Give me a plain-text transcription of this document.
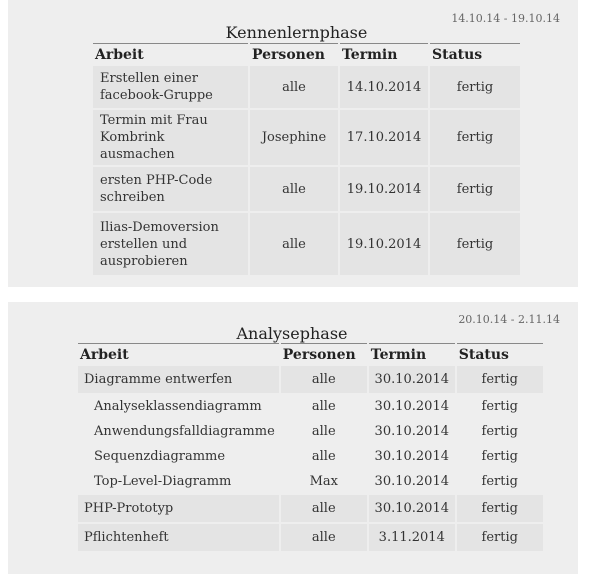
14.10.14 - 19.10.14
Kennenlernphase
Arbeit	Personen	Termin	Status
Erstellen einer facebook-Gruppe	alle	14.10.2014	fertig
Termin mit Frau Kombrink ausmachen	Josephine	17.10.2014	fertig
ersten PHP-Code schreiben	alle	19.10.2014	fertig
Ilias-Demoversion erstellen und ausprobieren	alle	19.10.2014	fertig
20.10.14 - 2.11.14
Analysephase
Arbeit	Personen	Termin	Status
Diagramme entwerfen	alle	30.10.2014	fertig
Analyseklassendiagramm	alle	30.10.2014	fertig
Anwendungsfalldiagramme	alle	30.10.2014	fertig
Sequenzdiagramme	alle	30.10.2014	fertig
Top-Level-Diagramm	Max	30.10.2014	fertig
PHP-Prototyp	alle	30.10.2014	fertig
Pflichtenheft	alle	3.11.2014	fertig
